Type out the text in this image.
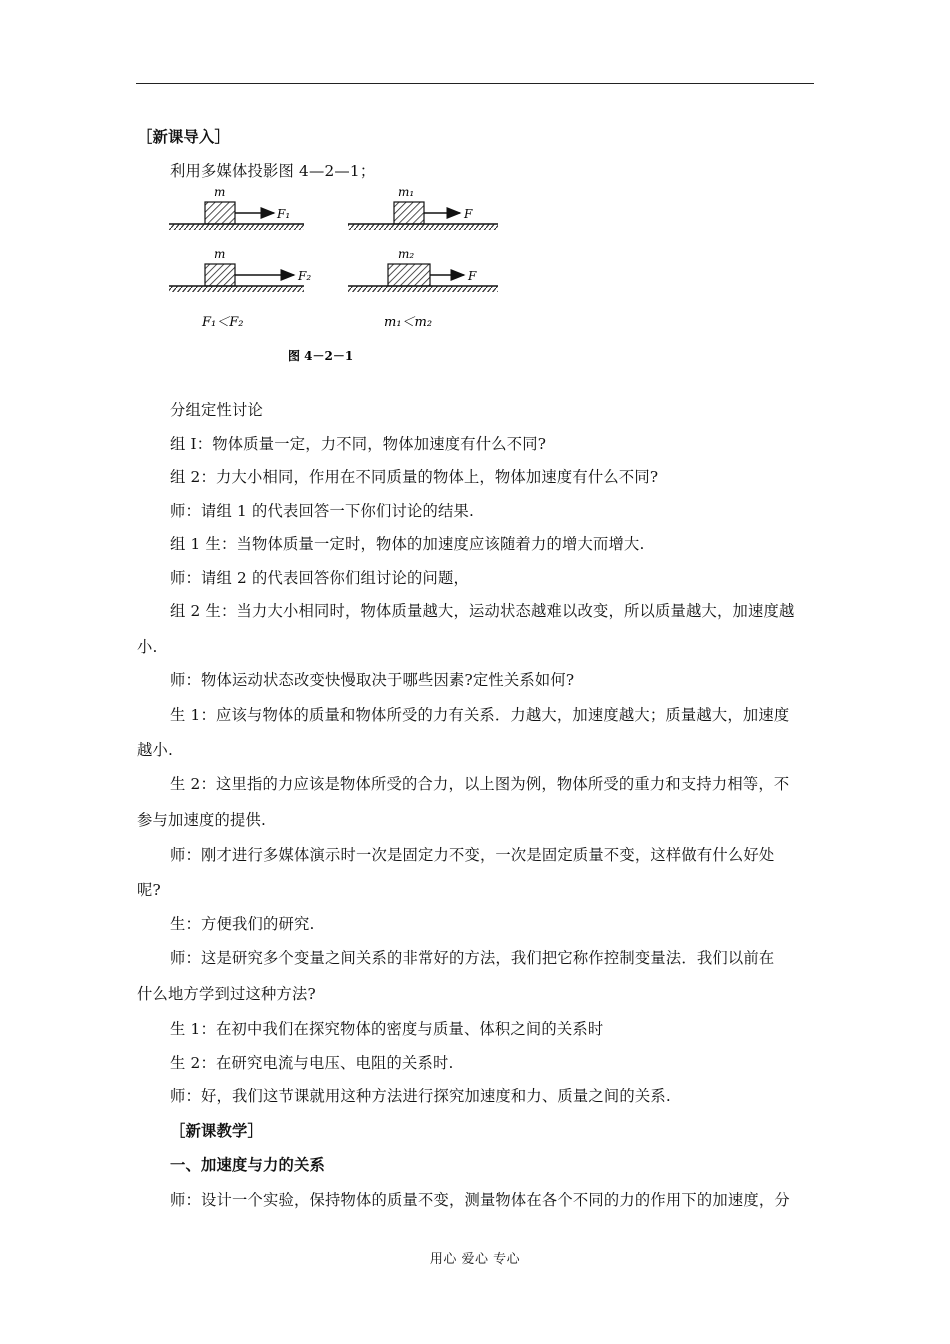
［新课导入］
利用多媒体投影图 4—2—1；
m
F₁
m₁
F
m
F₂
m₂
F
F₁＜F₂	m₁＜m₂
图 4－2－1
分组定性讨论
组 I：物体质量一定，力不同，物体加速度有什么不同?
组 2：力大小相同，作用在不同质量的物体上，物体加速度有什么不同?
师：请组 1 的代表回答一下你们讨论的结果.
组 1 生：当物体质量一定时，物体的加速度应该随着力的增大而增大.
师：请组 2 的代表回答你们组讨论的问题，
组 2 生：当力大小相同时，物体质量越大，运动状态越难以改变，所以质量越大，加速度越
小.
师：物体运动状态改变快慢取决于哪些因素?定性关系如何?
生 1：应该与物体的质量和物体所受的力有关系．力越大，加速度越大；质量越大，加速度
越小.
生 2：这里指的力应该是物体所受的合力，以上图为例，物体所受的重力和支持力相等，不
参与加速度的提供.
师：刚才进行多媒体演示时一次是固定力不变，一次是固定质量不变，这样做有什么好处
呢?
生：方便我们的研究.
师：这是研究多个变量之间关系的非常好的方法，我们把它称作控制变量法．我们以前在
什么地方学到过这种方法?
生 1：在初中我们在探究物体的密度与质量、体积之间的关系时
生 2：在研究电流与电压、电阻的关系时.
师：好，我们这节课就用这种方法进行探究加速度和力、质量之间的关系.
［新课教学］
一、加速度与力的关系
师：设计一个实验，保持物体的质量不变，测量物体在各个不同的力的作用下的加速度，分
用心 爱心 专心
